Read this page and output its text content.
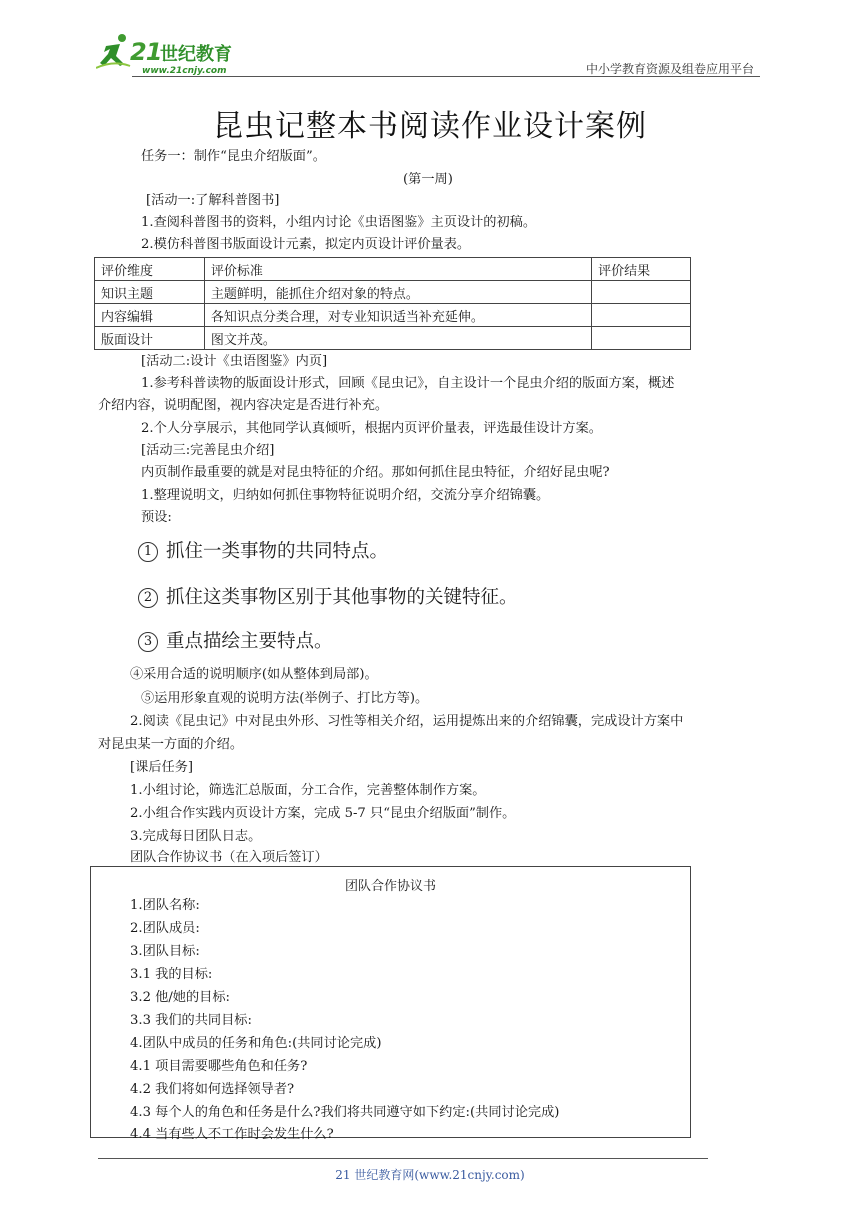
21
世纪教育
www.21cnjy.com	中小学教育资源及组卷应用平台
昆虫记整本书阅读作业设计案例
任务一：制作“昆虫介绍版面”。
(第一周)
[活动一:了解科普图书]
1.查阅科普图书的资料，小组内讨论《虫语图鉴》主页设计的初稿。
2.模仿科普图书版面设计元素，拟定内页设计评价量表。
评价维度	评价标准	评价结果
知识主题	主题鲜明，能抓住介绍对象的特点。	
内容编辑	各知识点分类合理，对专业知识适当补充延伸。	
版面设计	图文并茂。	
[活动二:设计《虫语图鉴》内页]
1.参考科普读物的版面设计形式，回顾《昆虫记》，自主设计一个昆虫介绍的版面方案，概述
介绍内容，说明配图，视内容决定是否进行补充。
2.个人分享展示，其他同学认真倾听，根据内页评价量表，评选最佳设计方案。
[活动三:完善昆虫介绍]
内页制作最重要的就是对昆虫特征的介绍。那如何抓住昆虫特征，介绍好昆虫呢?
1.整理说明文，归纳如何抓住事物特征说明介绍，交流分享介绍锦囊。
预设:
1 抓住一类事物的共同特点。
2 抓住这类事物区别于其他事物的关键特征。
3 重点描绘主要特点。
④采用合适的说明顺序(如从整体到局部)。
⑤运用形象直观的说明方法(举例子、打比方等)。
2.阅读《昆虫记》中对昆虫外形、习性等相关介绍，运用提炼出来的介绍锦囊，完成设计方案中
对昆虫某一方面的介绍。
[课后任务]
1.小组讨论，筛选汇总版面，分工合作，完善整体制作方案。
2.小组合作实践内页设计方案，完成 5-7 只“昆虫介绍版面”制作。
3.完成每日团队日志。
团队合作协议书（在入项后签订）
团队合作协议书
1.团队名称:
2.团队成员:
3.团队目标:
3.1 我的目标:
3.2 他/她的目标:
3.3 我们的共同目标:
4.团队中成员的任务和角色:(共同讨论完成)
4.1 项目需要哪些角色和任务?
4.2 我们将如何选择领导者?
4.3 每个人的角色和任务是什么?我们将共同遵守如下约定:(共同讨论完成)
4.4 当有些人不工作时会发生什么?
21 世纪教育网(www.21cnjy.com)
